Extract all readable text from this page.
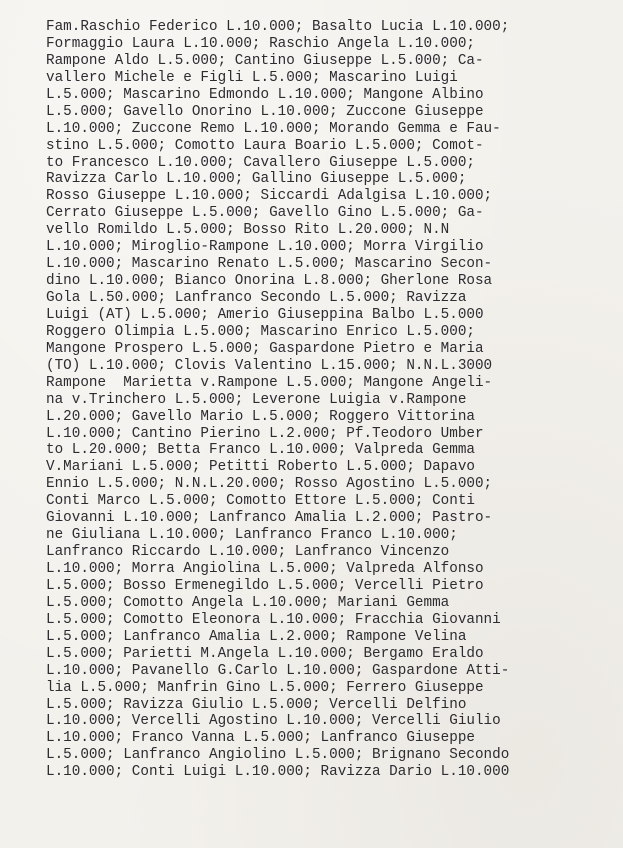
Fam.Raschio Federico L.10.000; Basalto Lucia L.10.000;
Formaggio Laura L.10.000; Raschio Angela L.10.000;
Rampone Aldo L.5.000; Cantino Giuseppe L.5.000; Ca-
vallero Michele e Figli L.5.000; Mascarino Luigi
L.5.000; Mascarino Edmondo L.10.000; Mangone Albino
L.5.000; Gavello Onorino L.10.000; Zuccone Giuseppe
L.10.000; Zuccone Remo L.10.000; Morando Gemma e Fau-
stino L.5.000; Comotto Laura Boario L.5.000; Comot-
to Francesco L.10.000; Cavallero Giuseppe L.5.000;
Ravizza Carlo L.10.000; Gallino Giuseppe L.5.000;
Rosso Giuseppe L.10.000; Siccardi Adalgisa L.10.000;
Cerrato Giuseppe L.5.000; Gavello Gino L.5.000; Ga-
vello Romildo L.5.000; Bosso Rito L.20.000; N.N
L.10.000; Miroglio-Rampone L.10.000; Morra Virgilio
L.10.000; Mascarino Renato L.5.000; Mascarino Secon-
dino L.10.000; Bianco Onorina L.8.000; Gherlone Rosa
Gola L.50.000; Lanfranco Secondo L.5.000; Ravizza
Luigi (AT) L.5.000; Amerio Giuseppina Balbo L.5.000
Roggero Olimpia L.5.000; Mascarino Enrico L.5.000;
Mangone Prospero L.5.000; Gaspardone Pietro e Maria
(TO) L.10.000; Clovis Valentino L.15.000; N.N.L.3000
Rampone  Marietta v.Rampone L.5.000; Mangone Angeli-
na v.Trinchero L.5.000; Leverone Luigia v.Rampone
L.20.000; Gavello Mario L.5.000; Roggero Vittorina
L.10.000; Cantino Pierino L.2.000; Pf.Teodoro Umber
to L.20.000; Betta Franco L.10.000; Valpreda Gemma
V.Mariani L.5.000; Petitti Roberto L.5.000; Dapavo
Ennio L.5.000; N.N.L.20.000; Rosso Agostino L.5.000;
Conti Marco L.5.000; Comotto Ettore L.5.000; Conti
Giovanni L.10.000; Lanfranco Amalia L.2.000; Pastro-
ne Giuliana L.10.000; Lanfranco Franco L.10.000;
Lanfranco Riccardo L.10.000; Lanfranco Vincenzo
L.10.000; Morra Angiolina L.5.000; Valpreda Alfonso
L.5.000; Bosso Ermenegildo L.5.000; Vercelli Pietro
L.5.000; Comotto Angela L.10.000; Mariani Gemma
L.5.000; Comotto Eleonora L.10.000; Fracchia Giovanni
L.5.000; Lanfranco Amalia L.2.000; Rampone Velina
L.5.000; Parietti M.Angela L.10.000; Bergamo Eraldo
L.10.000; Pavanello G.Carlo L.10.000; Gaspardone Atti-
lia L.5.000; Manfrin Gino L.5.000; Ferrero Giuseppe
L.5.000; Ravizza Giulio L.5.000; Vercelli Delfino
L.10.000; Vercelli Agostino L.10.000; Vercelli Giulio
L.10.000; Franco Vanna L.5.000; Lanfranco Giuseppe
L.5.000; Lanfranco Angiolino L.5.000; Brignano Secondo
L.10.000; Conti Luigi L.10.000; Ravizza Dario L.10.000
